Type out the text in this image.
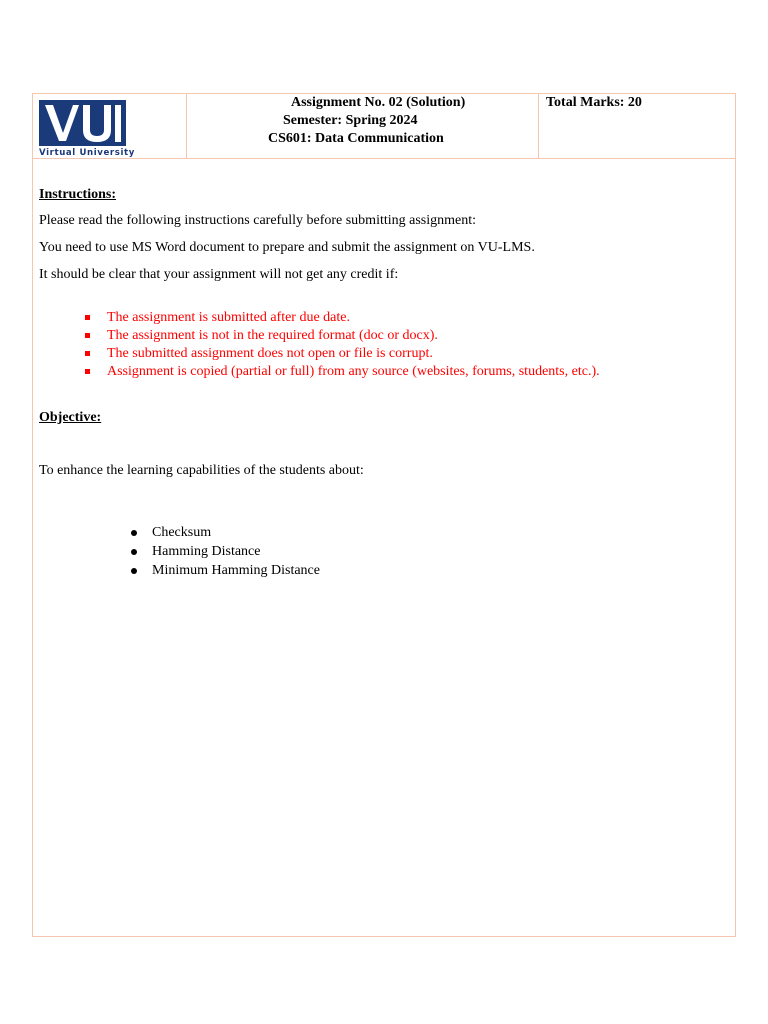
Virtual University
Assignment No. 02 (Solution)
Semester: Spring 2024
CS601: Data Communication
Total Marks: 20
Instructions:
Please read the following instructions carefully before submitting assignment:
You need to use MS Word document to prepare and submit the assignment on VU-LMS.
It should be clear that your assignment will not get any credit if:
The assignment is submitted after due date.
The assignment is not in the required format (doc or docx).
The submitted assignment does not open or file is corrupt.
Assignment is copied (partial or full) from any source (websites, forums, students, etc.).
Objective:
To enhance the learning capabilities of the students about:
Checksum
Hamming Distance
Minimum Hamming Distance
